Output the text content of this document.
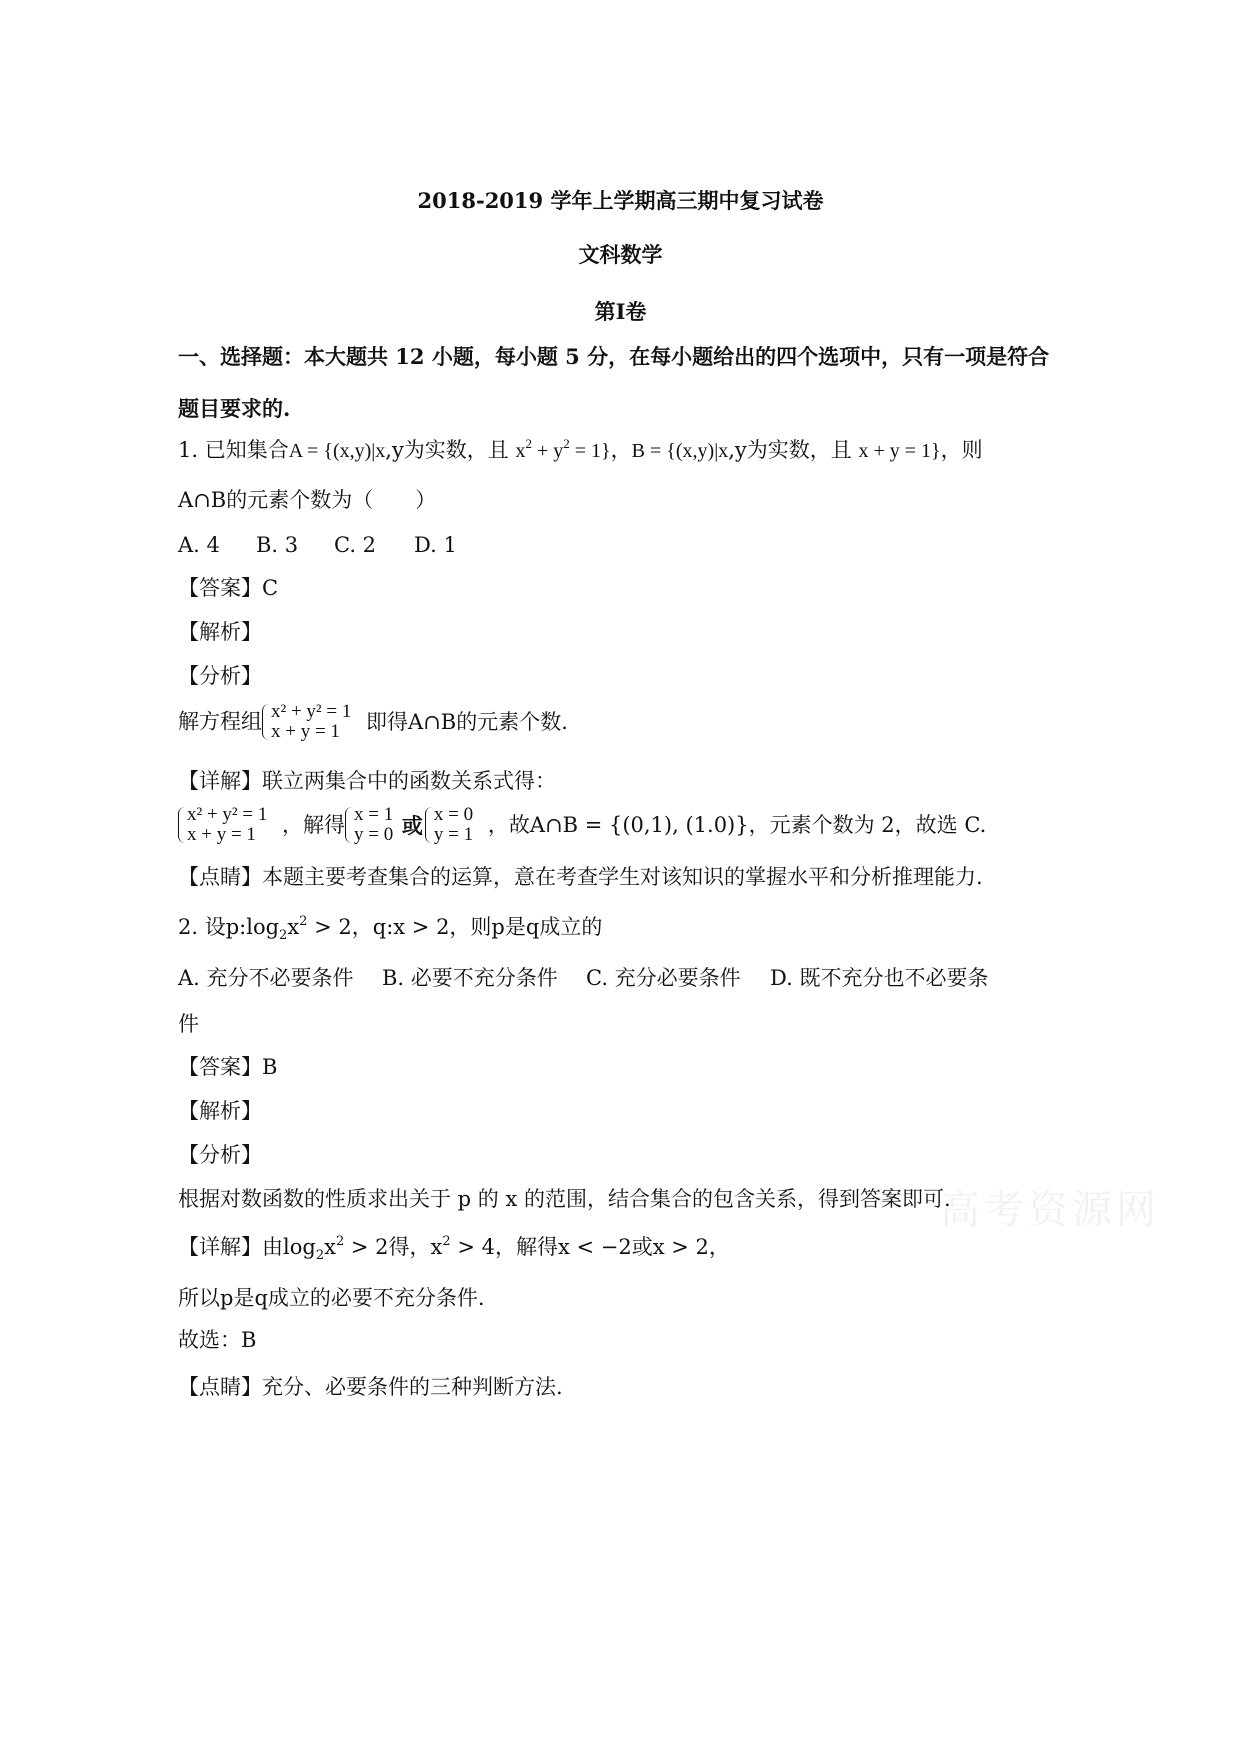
2018-2019 学年上学期高三期中复习试卷
文科数学
第Ⅰ卷
一、选择题：本大题共 12 小题，每小题 5 分，在每小题给出的四个选项中，只有一项是符合
题目要求的.
1. 已知集合A = {(x,y)|x,y为实数，且 $x^2 + y^2 = 1$}，B = {(x,y)|x,y为实数，且 x + y = 1}，则
A∩B的元素个数为（　　）
A. 4 B. 3 C. 2 D. 1
【答案】C
【解析】
【分析】
解方程组 x² + y² = 1
x + y = 1	即得A∩B的元素个数.
【详解】联立两集合中的函数关系式得：
x² + y² = 1
x + y = 1	，解得 x = 1
y = 0 或 x = 0
y = 1 ，故A∩B = {(0,1), (1.0)}，元素个数为 2，故选 C.
【点睛】本题主要考查集合的运算，意在考查学生对该知识的掌握水平和分析推理能力.
2. 设$p:\log_2x^2 > 2$，q:x > 2，则p是q成立的
A. 充分不必要条件 B. 必要不充分条件 C. 充分必要条件 D. 既不充分也不必要条
件
【答案】B
【解析】
【分析】
根据对数函数的性质求出关于 p 的 x 的范围，结合集合的包含关系，得到答案即可.
【详解】由$\log_2x^2 > 2$得，$x^2 > 4$，解得x < −2或x > 2，
所以p是q成立的必要不充分条件.
故选：B
【点睛】充分、必要条件的三种判断方法.
高考资源网
